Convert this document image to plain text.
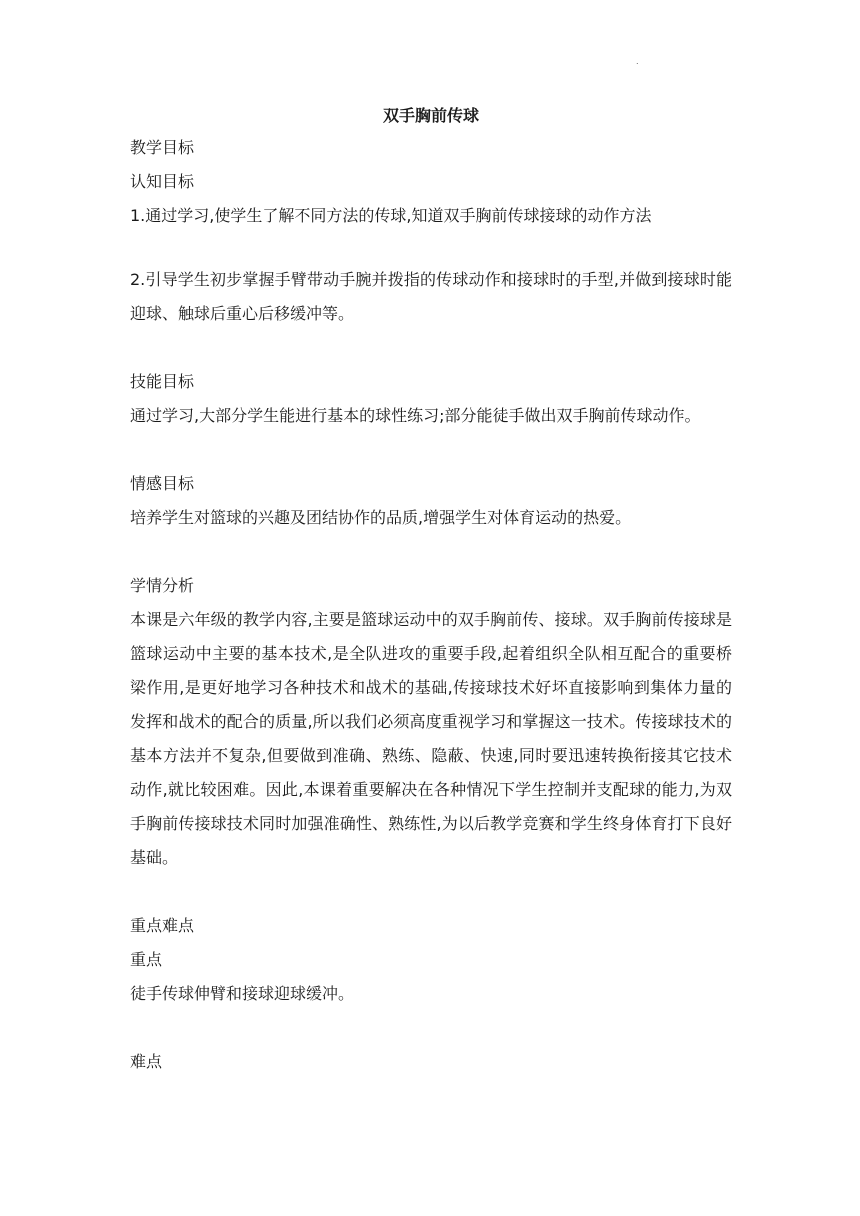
.

双手胸前传球

教学目标

认知目标

1.通过学习,使学生了解不同方法的传球,知道双手胸前传球接球的动作方法

2.引导学生初步掌握手臂带动手腕并拨指的传球动作和接球时的手型,并做到接球时能迎球、触球后重心后移缓冲等。

技能目标

通过学习,大部分学生能进行基本的球性练习;部分能徒手做出双手胸前传球动作。

情感目标

培养学生对篮球的兴趣及团结协作的品质,增强学生对体育运动的热爱。

学情分析

本课是六年级的教学内容,主要是篮球运动中的双手胸前传、接球。双手胸前传接球是篮球运动中主要的基本技术,是全队进攻的重要手段,起着组织全队相互配合的重要桥梁作用,是更好地学习各种技术和战术的基础,传接球技术好坏直接影响到集体力量的发挥和战术的配合的质量,所以我们必须高度重视学习和掌握这一技术。传接球技术的基本方法并不复杂,但要做到准确、熟练、隐蔽、快速,同时要迅速转换衔接其它技术动作,就比较困难。因此,本课着重要解决在各种情况下学生控制并支配球的能力,为双手胸前传接球技术同时加强准确性、熟练性,为以后教学竞赛和学生终身体育打下良好基础。

重点难点

重点

徒手传球伸臂和接球迎球缓冲。

难点
